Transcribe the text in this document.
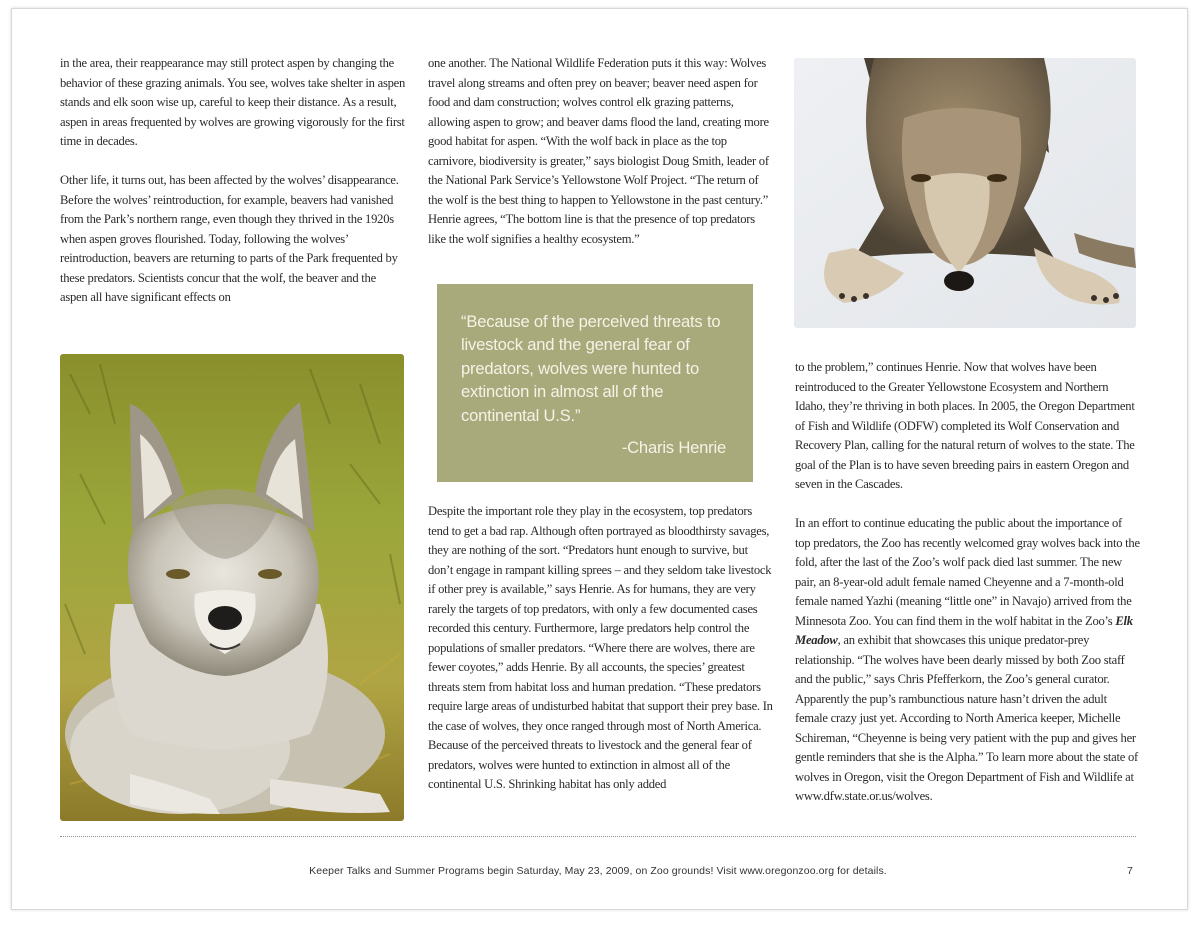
in the area, their reappearance may still protect aspen by changing the behavior of these grazing animals. You see, wolves take shelter in aspen stands and elk soon wise up, careful to keep their distance. As a result, aspen in areas frequented by wolves are growing vigorously for the first time in decades.

Other life, it turns out, has been affected by the wolves’ disappearance. Before the wolves’ reintroduction, for example, beavers had vanished from the Park’s northern range, even though they thrived in the 1920s when aspen groves flourished. Today, following the wolves’ reintroduction, beavers are returning to parts of the Park frequented by these predators. Scientists concur that the wolf, the beaver and the aspen all have significant effects on

one another. The National Wildlife Federation puts it this way: Wolves travel along streams and often prey on beaver; beaver need aspen for food and dam construction; wolves control elk grazing patterns, allowing aspen to grow; and beaver dams flood the land, creating more good habitat for aspen. “With the wolf back in place as the top carnivore, biodiversity is greater,” says biologist Doug Smith, leader of the National Park Service’s Yellowstone Wolf Project. “The return of the wolf is the best thing to happen to Yellowstone in the past century.” Henrie agrees, “The bottom line is that the presence of top predators like the wolf signifies a healthy ecosystem.”

“Because of the perceived threats to livestock and the general fear of predators, wolves were hunted to extinction in almost all of the continental U.S.”

-Charis Henrie

Despite the important role they play in the ecosystem, top predators tend to get a bad rap. Although often portrayed as bloodthirsty savages, they are nothing of the sort. “Predators hunt enough to survive, but don’t engage in rampant killing sprees – and they seldom take livestock if other prey is available,” says Henrie. As for humans, they are very rarely the targets of top predators, with only a few documented cases recorded this century. Furthermore, large predators help control the populations of smaller predators. “Where there are wolves, there are fewer coyotes,” adds Henrie. By all accounts, the species’ greatest threats stem from habitat loss and human predation. “These predators require large areas of undisturbed habitat that support their prey base. In the case of wolves, they once ranged through most of North America. Because of the perceived threats to livestock and the general fear of predators, wolves were hunted to extinction in almost all of the continental U.S. Shrinking habitat has only added

to the problem,” continues Henrie. Now that wolves have been reintroduced to the Greater Yellowstone Ecosystem and Northern Idaho, they’re thriving in both places. In 2005, the Oregon Department of Fish and Wildlife (ODFW) completed its Wolf Conservation and Recovery Plan, calling for the natural return of wolves to the state. The goal of the Plan is to have seven breeding pairs in eastern Oregon and seven in the Cascades.

In an effort to continue educating the public about the importance of top predators, the Zoo has recently welcomed gray wolves back into the fold, after the last of the Zoo’s wolf pack died last summer. The new pair, an 8-year-old adult female named Cheyenne and a 7-month-old female named Yazhi (meaning “little one” in Navajo) arrived from the Minnesota Zoo. You can find them in the wolf habitat in the Zoo’s Elk Meadow, an exhibit that showcases this unique predator-prey relationship. “The wolves have been dearly missed by both Zoo staff and the public,” says Chris Pfefferkorn, the Zoo’s general curator. Apparently the pup’s rambunctious nature hasn’t driven the adult female crazy just yet. According to North America keeper, Michelle Schireman, “Cheyenne is being very patient with the pup and gives her gentle reminders that she is the Alpha.” To learn more about the state of wolves in Oregon, visit the Oregon Department of Fish and Wildlife at www.dfw.state.or.us/wolves.

Keeper Talks and Summer Programs begin Saturday, May 23, 2009, on Zoo grounds! Visit www.oregonzoo.org for details.	7
